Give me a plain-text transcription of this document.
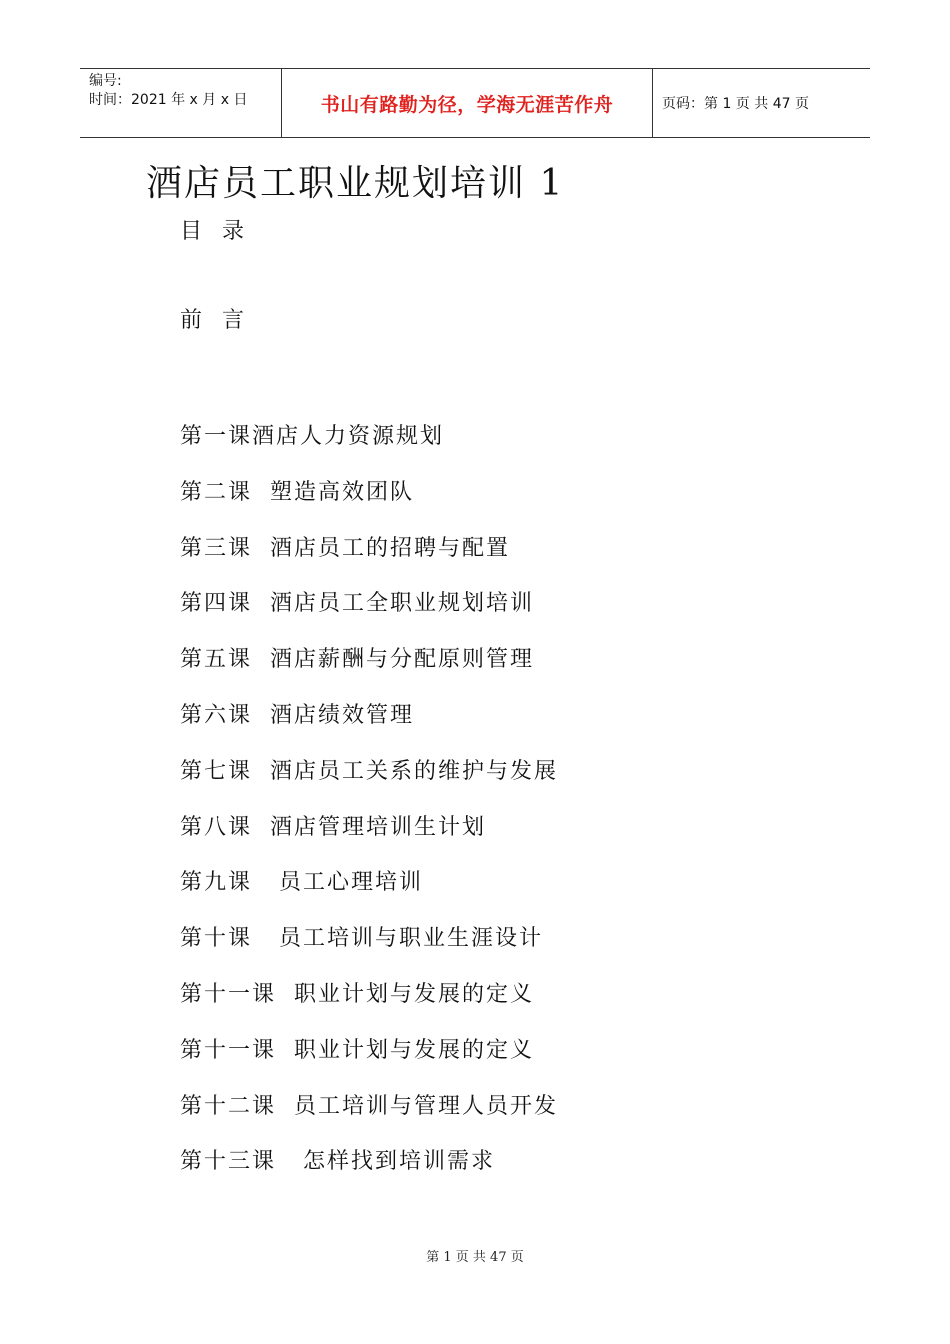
编号:
时间：2021 年 x 月 x 日	书山有路勤为径，学海无涯苦作舟	页码：第 1 页 共 47 页
酒店员工职业规划培训 1
目录
前言
第一课酒店人力资源规划
第二课  塑造高效团队
第三课  酒店员工的招聘与配置
第四课  酒店员工全职业规划培训
第五课  酒店薪酬与分配原则管理
第六课  酒店绩效管理
第七课  酒店员工关系的维护与发展
第八课  酒店管理培训生计划
第九课   员工心理培训
第十课   员工培训与职业生涯设计
第十一课  职业计划与发展的定义
第十一课  职业计划与发展的定义
第十二课  员工培训与管理人员开发
第十三课   怎样找到培训需求
第 1 页 共 47 页
